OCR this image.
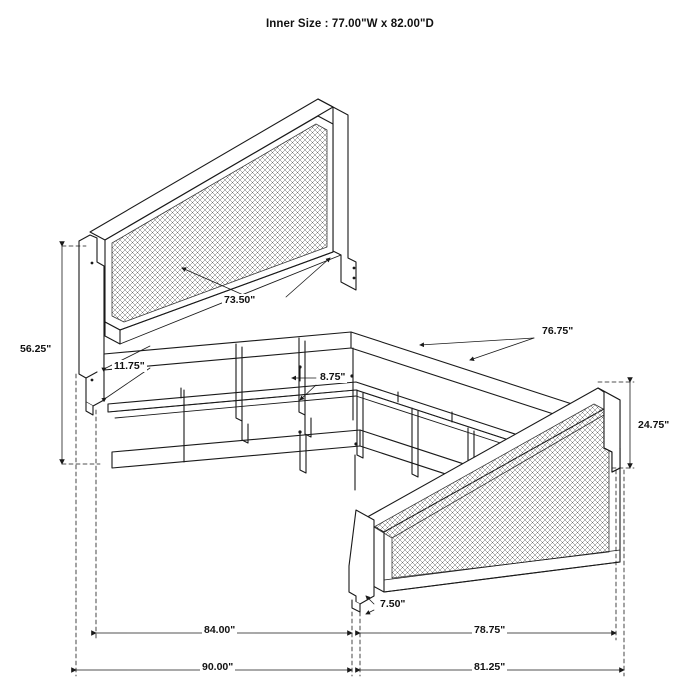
Inner Size : 77.00"W x 82.00"D
73.50"
76.75"
56.25"
11.75"
8.75"
24.75"
7.50"
84.00"	78.75"
90.00"	81.25"
